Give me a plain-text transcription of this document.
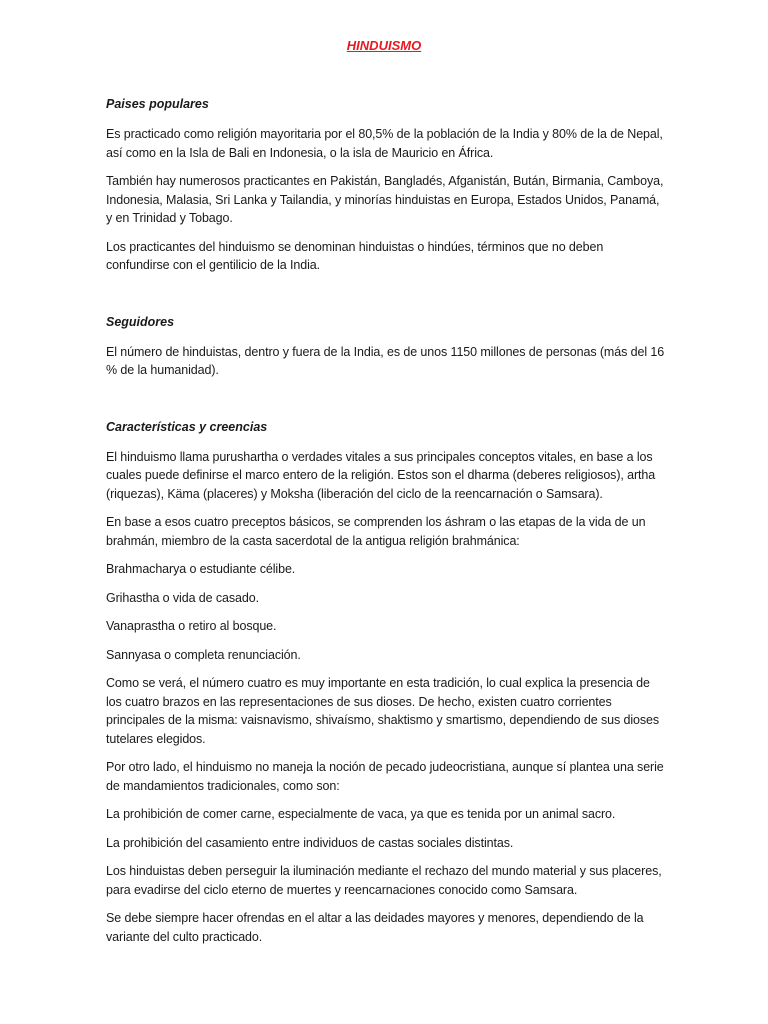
HINDUISMO

Paises populares

Es practicado como religión mayoritaria por el 80,5% de la población de la India y 80% de la de Nepal, así como en la Isla de Bali en Indonesia, o la isla de Mauricio en África.

También hay numerosos practicantes en Pakistán, Bangladés, Afganistán, Bután, Birmania, Camboya, Indonesia, Malasia, Sri Lanka y Tailandia, y minorías hinduistas en Europa, Estados Unidos, Panamá, y en Trinidad y Tobago.

Los practicantes del hinduismo se denominan hinduistas o hindúes, términos que no deben confundirse con el gentilicio de la India.

Seguidores

El número de hinduistas, dentro y fuera de la India, es de unos 1150 millones de personas (más del 16 % de la humanidad).

Características y creencias

El hinduismo llama purushartha o verdades vitales a sus principales conceptos vitales, en base a los cuales puede definirse el marco entero de la religión. Estos son el dharma (deberes religiosos), artha (riquezas), Käma (placeres) y Moksha (liberación del ciclo de la reencarnación o Samsara).

En base a esos cuatro preceptos básicos, se comprenden los áshram o las etapas de la vida de un brahmán, miembro de la casta sacerdotal de la antigua religión brahmánica:

Brahmacharya o estudiante célibe.

Grihastha o vida de casado.

Vanaprastha o retiro al bosque.

Sannyasa o completa renunciación.

Como se verá, el número cuatro es muy importante en esta tradición, lo cual explica la presencia de los cuatro brazos en las representaciones de sus dioses. De hecho, existen cuatro corrientes principales de la misma: vaisnavismo, shivaísmo, shaktismo y smartismo, dependiendo de sus dioses tutelares elegidos.

Por otro lado, el hinduismo no maneja la noción de pecado judeocristiana, aunque sí plantea una serie de mandamientos tradicionales, como son:

La prohibición de comer carne, especialmente de vaca, ya que es tenida por un animal sacro.

La prohibición del casamiento entre individuos de castas sociales distintas.

Los hinduistas deben perseguir la iluminación mediante el rechazo del mundo material y sus placeres, para evadirse del ciclo eterno de muertes y reencarnaciones conocido como Samsara.

Se debe siempre hacer ofrendas en el altar a las deidades mayores y menores, dependiendo de la variante del culto practicado.
